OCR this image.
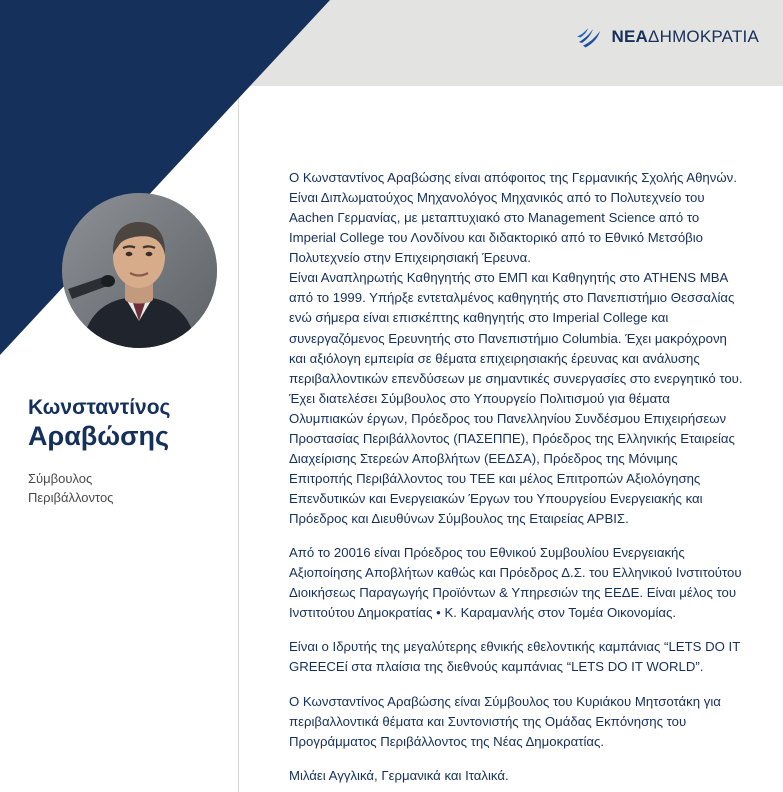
ΝΕΑΔΗΜΟΚΡΑΤΙΑ
Κωνσταντίνος
Αραβώσης
Σύμβουλος
Περιβάλλοντος

Ο Κωνσταντίνος Αραβώσης είναι απόφοιτος της Γερμανικής Σχολής Αθηνών. Είναι Διπλωματούχος Μηχανολόγος Μηχανικός από το Πολυτεχνείο του Aachen Γερμανίας, με μεταπτυχιακό στο Management Science από το Imperial College του Λονδίνου και διδακτορικό από το Εθνικό Μετσόβιο Πολυτεχνείο στην Επιχειρησιακή Έρευνα.

Είναι Αναπληρωτής Καθηγητής στο ΕΜΠ και Καθηγητής στο ATHENS MBA από το 1999. Υπήρξε εντεταλμένος καθηγητής στο Πανεπιστήμιο Θεσσαλίας ενώ σήμερα είναι επισκέπτης καθηγητής στο Imperial College και συνεργαζόμενος Ερευνητής στο Πανεπιστήμιο Columbia. Έχει μακρόχρονη και αξιόλογη εμπειρία σε θέματα επιχειρησιακής έρευνας και ανάλυσης περιβαλλοντικών επενδύσεων με σημαντικές συνεργασίες στο ενεργητικό του. Έχει διατελέσει Σύμβουλος στο Υπουργείο Πολιτισμού για θέματα Ολυμπιακών έργων, Πρόεδρος του Πανελληνίου Συνδέσμου Επιχειρήσεων Προστασίας Περιβάλλοντος (ΠΑΣΕΠΠΕ), Πρόεδρος της Ελληνικής Εταιρείας Διαχείρισης Στερεών Αποβλήτων (ΕΕΔΣΑ), Πρόεδρος της Μόνιμης Επιτροπής Περιβάλλοντος του ΤΕΕ και μέλος Επιτροπών Αξιολόγησης Επενδυτικών και Ενεργειακών Έργων του Υπουργείου Ενεργειακής και Πρόεδρος και Διευθύνων Σύμβουλος της Εταιρείας ΑΡΒΙΣ.

Από το 20016 είναι Πρόεδρος του Εθνικού Συμβουλίου Ενεργειακής Αξιοποίησης Αποβλήτων καθώς και Πρόεδρος Δ.Σ. του Ελληνικού Ινστιτούτου Διοικήσεως Παραγωγής Προϊόντων & Υπηρεσιών της ΕΕΔΕ. Είναι μέλος του Ινστιτούτου Δημοκρατίας • Κ. Καραμανλής στον Τομέα Οικονομίας.

Είναι ο Ιδρυτής της μεγαλύτερης εθνικής εθελοντικής καμπάνιας “LETS DO IT GREECEί στα πλαίσια της διεθνούς καμπάνιας “LETS DO IT WORLD”.

Ο Κωνσταντίνος Αραβώσης είναι Σύμβουλος του Κυριάκου Μητσοτάκη για περιβαλλοντικά θέματα και Συντονιστής της Ομάδας Εκπόνησης του Προγράμματος Περιβάλλοντος της Νέας Δημοκρατίας.

Μιλάει Αγγλικά, Γερμανικά και Ιταλικά.
